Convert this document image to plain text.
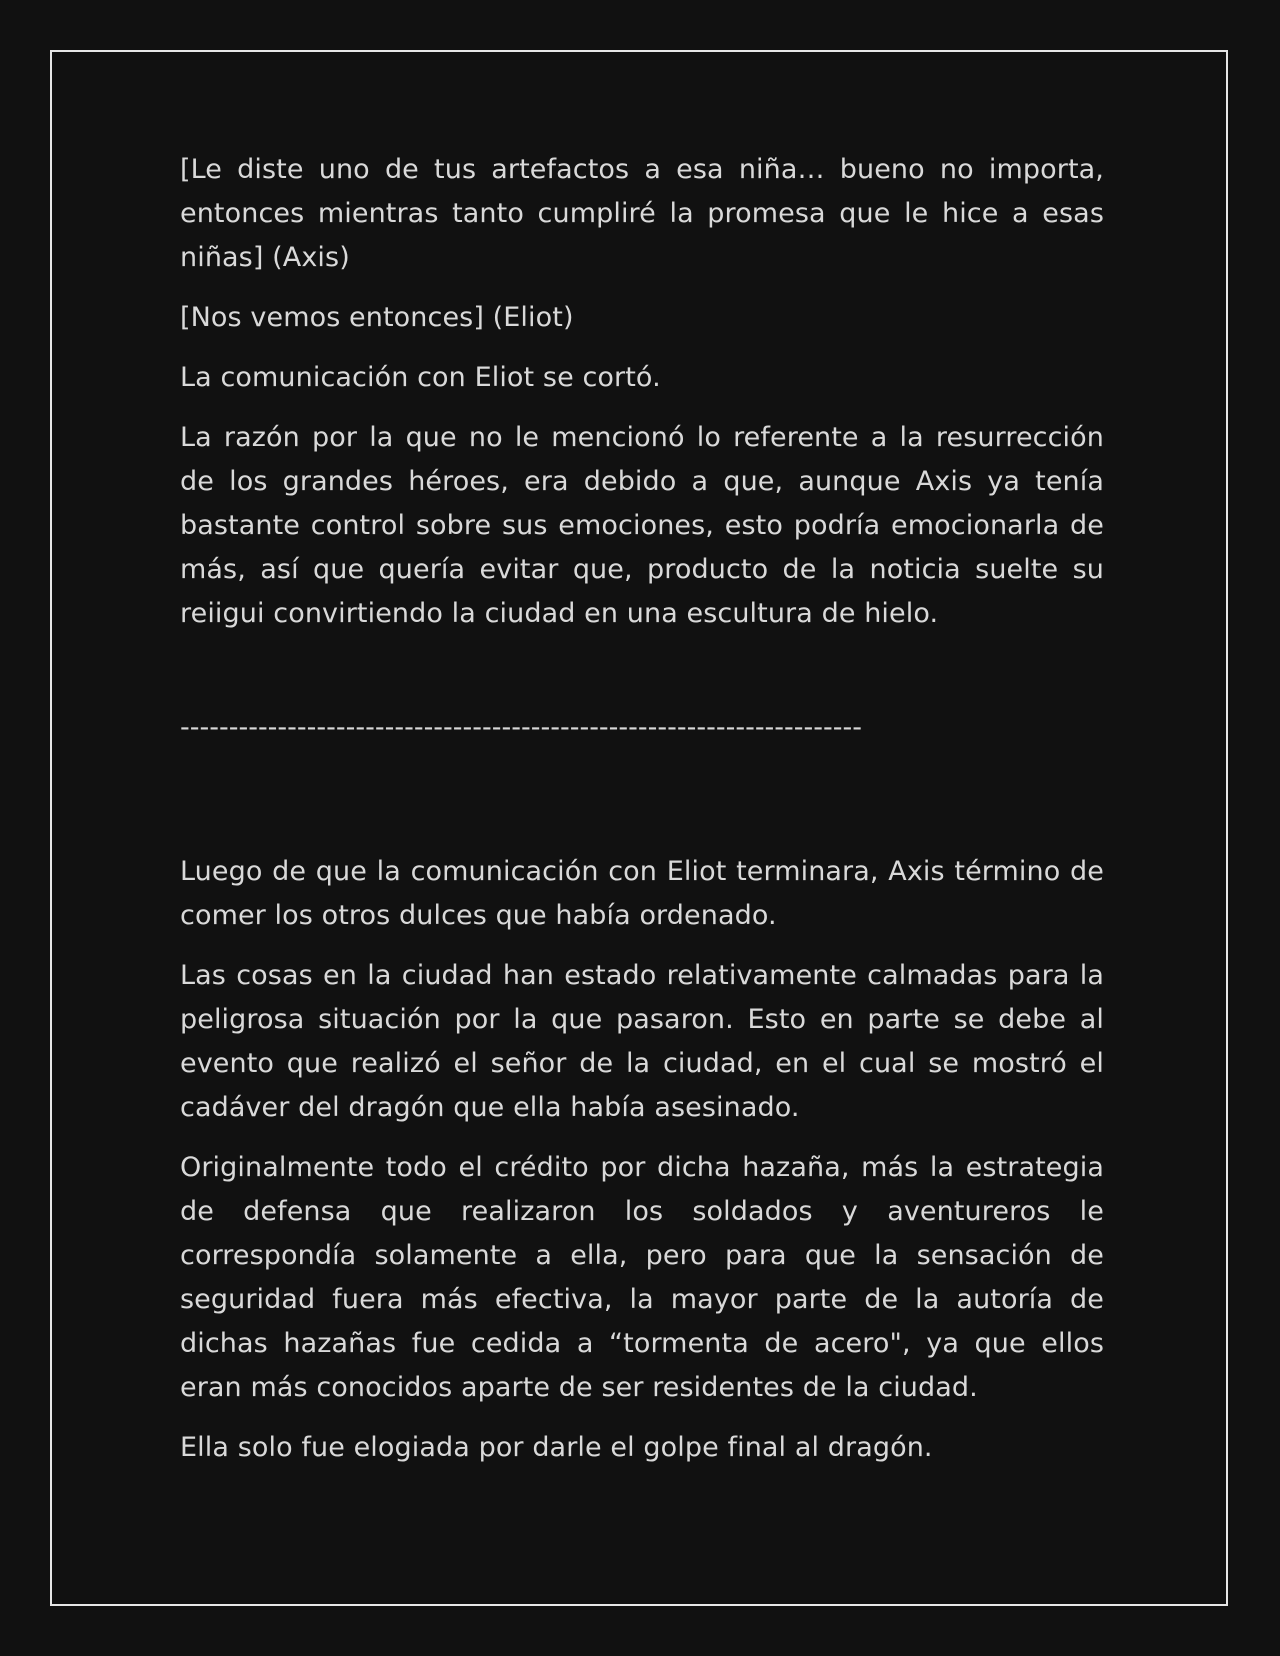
[Le diste uno de tus artefactos a esa niña… bueno no importa, entonces mientras tanto cumpliré la promesa que le hice a esas niñas] (Axis)

[Nos vemos entonces] (Eliot)

La comunicación con Eliot se cortó.

La razón por la que no le mencionó lo referente a la resurrección de los grandes héroes, era debido a que, aunque Axis ya tenía bastante control sobre sus emociones, esto podría emocionarla de más, así que quería evitar que, producto de la noticia suelte su reiigui convirtiendo la ciudad en una escultura de hielo.

----------------------------------------------------------------------

Luego de que la comunicación con Eliot terminara, Axis término de comer los otros dulces que había ordenado.

Las cosas en la ciudad han estado relativamente calmadas para la peligrosa situación por la que pasaron. Esto en parte se debe al evento que realizó el señor de la ciudad, en el cual se mostró el cadáver del dragón que ella había asesinado.

Originalmente todo el crédito por dicha hazaña, más la estrategia de defensa que realizaron los soldados y aventureros le correspondía solamente a ella, pero para que la sensación de seguridad fuera más efectiva, la mayor parte de la autoría de dichas hazañas fue cedida a “tormenta de acero", ya que ellos eran más conocidos aparte de ser residentes de la ciudad.

Ella solo fue elogiada por darle el golpe final al dragón.
